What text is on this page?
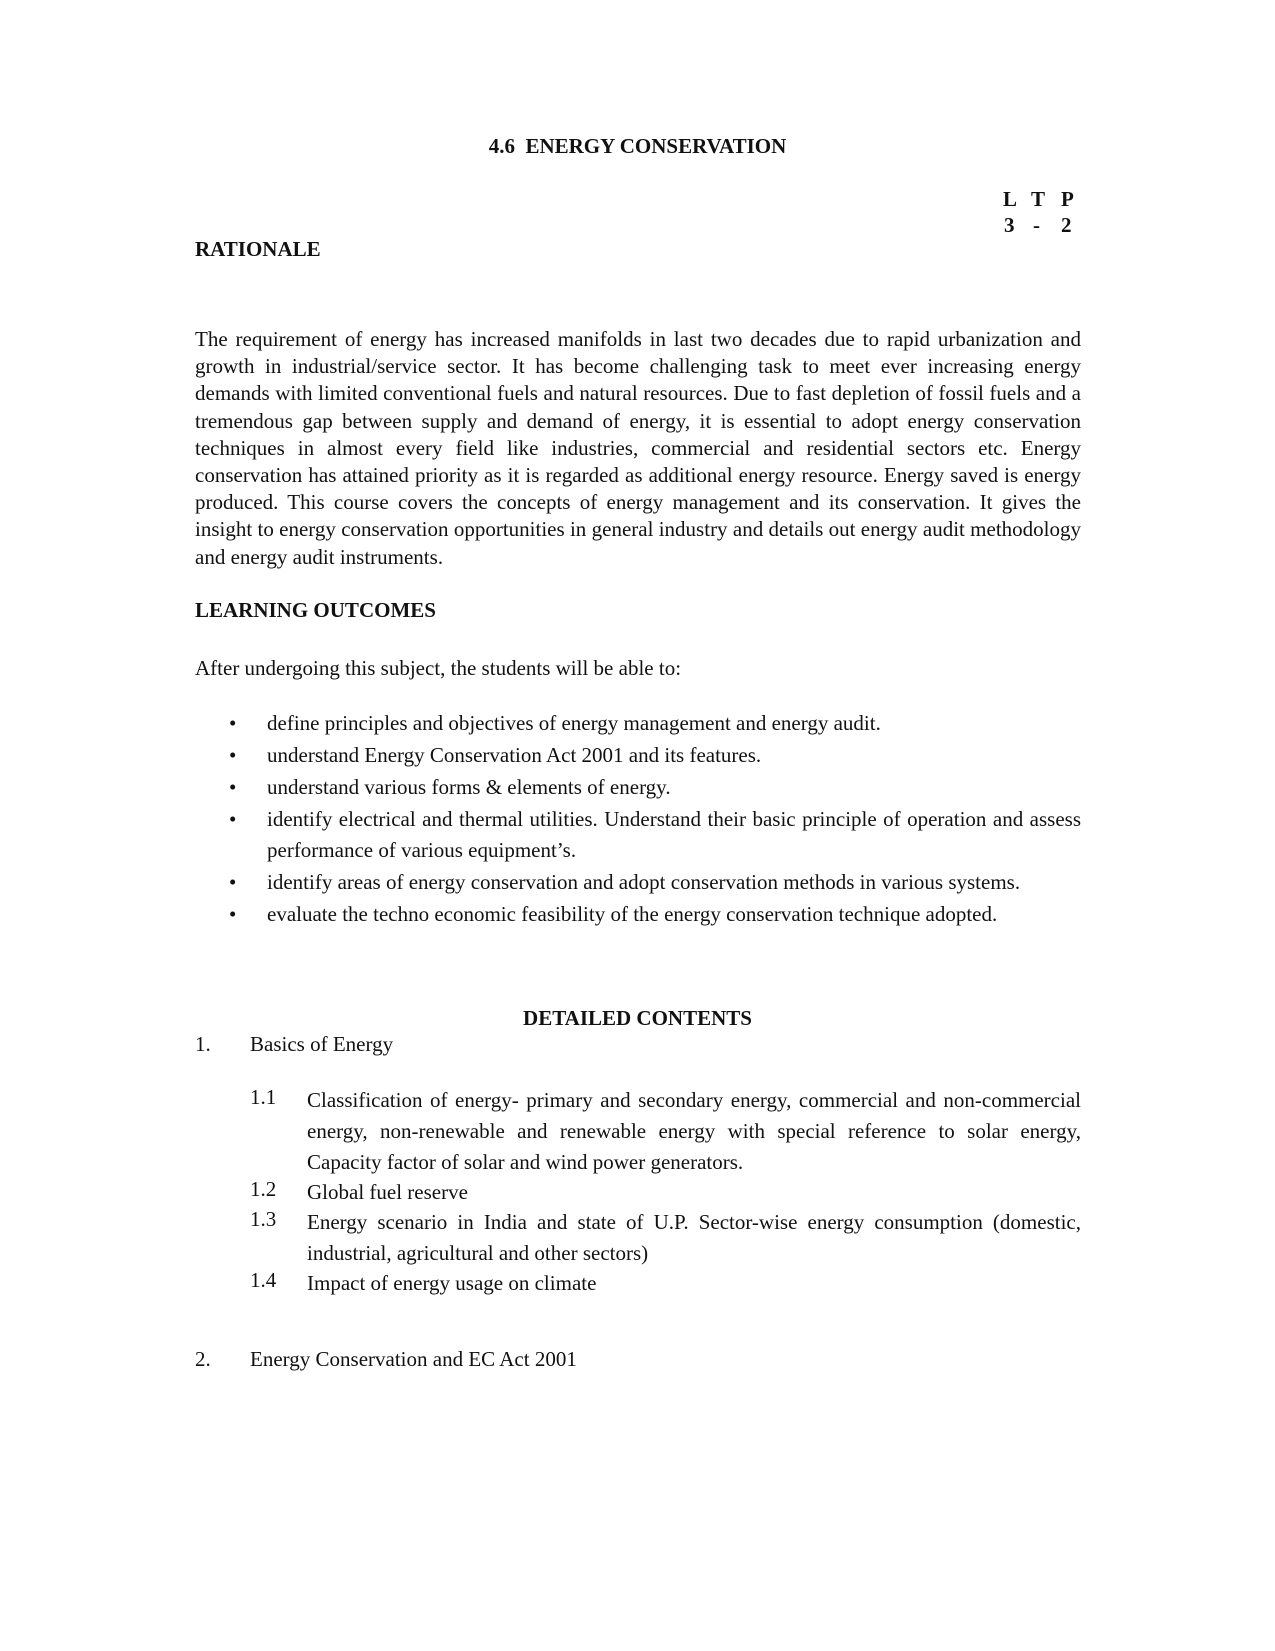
4.6  ENERGY CONSERVATION
L T P
3 - 2
RATIONALE
The requirement of energy has increased manifolds in last two decades due to rapid urbanization and growth in industrial/service sector. It has become challenging task to meet ever increasing energy demands with limited conventional fuels and natural resources. Due to fast depletion of fossil fuels and a tremendous gap between supply and demand of energy, it is essential to adopt energy conservation techniques in almost every field like industries, commercial and residential sectors etc. Energy conservation has attained priority as it is regarded as additional energy resource. Energy saved is energy produced. This course covers the concepts of energy management and its conservation. It gives the insight to energy conservation opportunities in general industry and details out energy audit methodology and energy audit instruments.
LEARNING OUTCOMES
After undergoing this subject, the students will be able to:
• define principles and objectives of energy management and energy audit.
• understand Energy Conservation Act 2001 and its features.
• understand various forms & elements of energy.
• identify electrical and thermal utilities. Understand their basic principle of operation and assess performance of various equipment’s.
• identify areas of energy conservation and adopt conservation methods in various systems.
• evaluate the techno economic feasibility of the energy conservation technique adopted.
DETAILED CONTENTS
1. Basics of Energy
1.1 Classification of energy- primary and secondary energy, commercial and non-commercial energy, non-renewable and renewable energy with special reference to solar energy, Capacity factor of solar and wind power generators.
1.2 Global fuel reserve
1.3 Energy scenario in India and state of U.P. Sector-wise energy consumption (domestic, industrial, agricultural and other sectors)
1.4 Impact of energy usage on climate
2. Energy Conservation and EC Act 2001
